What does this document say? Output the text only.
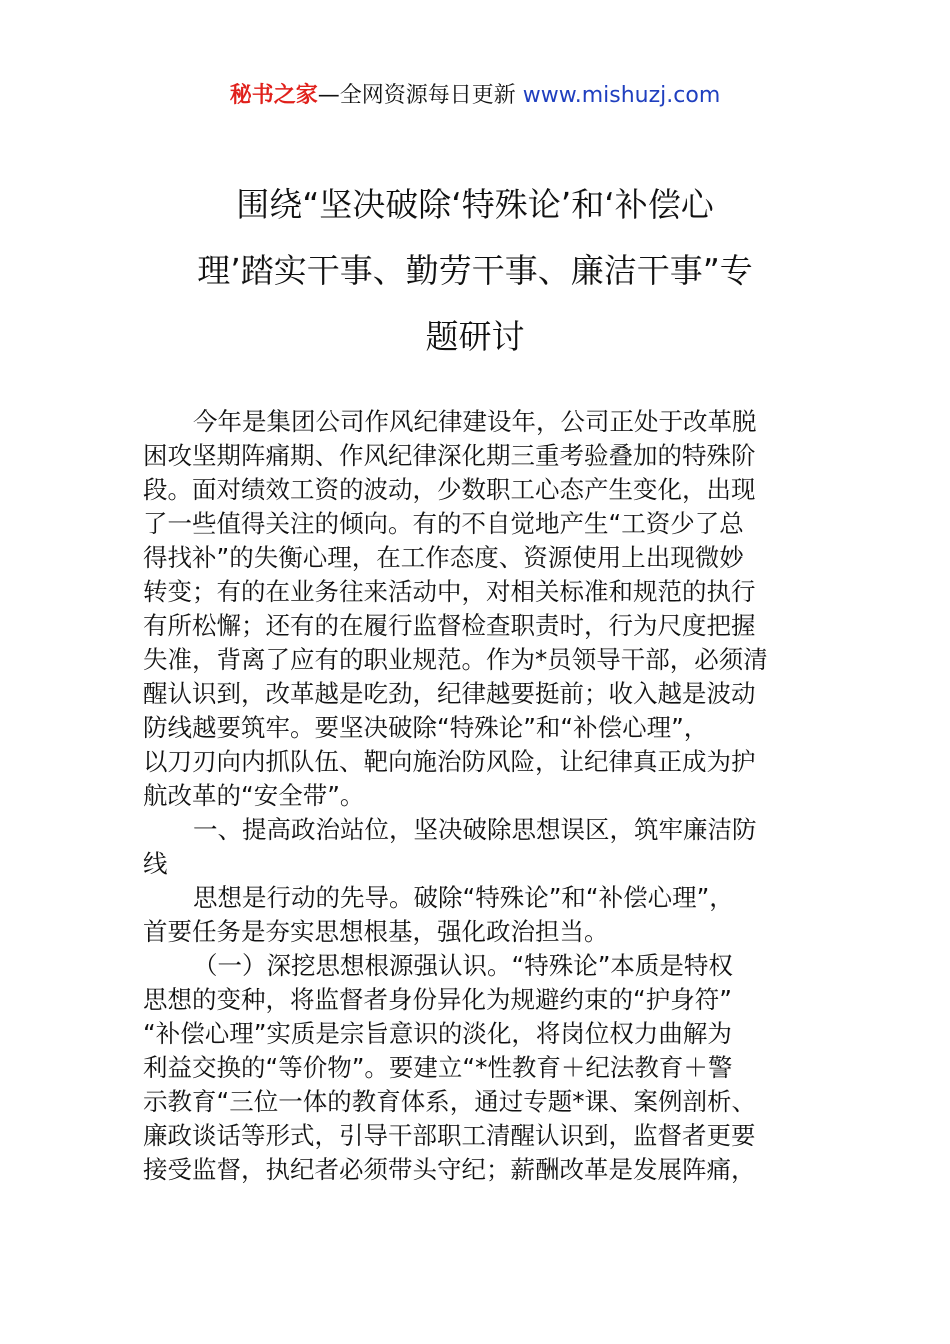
秘书之家—全网资源每日更新 www.mishuzj.com
围绕“坚决破除‘特殊论’和‘补偿心
理’踏实干事、勤劳干事、廉洁干事”专
题研讨
今年是集团公司作风纪律建设年，公司正处于改革脱
困攻坚期阵痛期、作风纪律深化期三重考验叠加的特殊阶
段。面对绩效工资的波动，少数职工心态产生变化，出现
了一些值得关注的倾向。有的不自觉地产生“工资少了总
得找补”的失衡心理，在工作态度、资源使用上出现微妙
转变；有的在业务往来活动中，对相关标准和规范的执行
有所松懈；还有的在履行监督检查职责时，行为尺度把握
失准，背离了应有的职业规范。作为*员领导干部，必须清
醒认识到，改革越是吃劲，纪律越要挺前；收入越是波动
防线越要筑牢。要坚决破除“特殊论”和“补偿心理”，
以刀刃向内抓队伍、靶向施治防风险，让纪律真正成为护
航改革的“安全带”。
一、提高政治站位，坚决破除思想误区，筑牢廉洁防
线
思想是行动的先导。破除“特殊论”和“补偿心理”，
首要任务是夯实思想根基，强化政治担当。
（一）深挖思想根源强认识。“特殊论”本质是特权
思想的变种，将监督者身份异化为规避约束的“护身符”
“补偿心理”实质是宗旨意识的淡化，将岗位权力曲解为
利益交换的“等价物”。要建立“*性教育＋纪法教育＋警
示教育“三位一体的教育体系，通过专题*课、案例剖析、
廉政谈话等形式，引导干部职工清醒认识到，监督者更要
接受监督，执纪者必须带头守纪；薪酬改革是发展阵痛，
